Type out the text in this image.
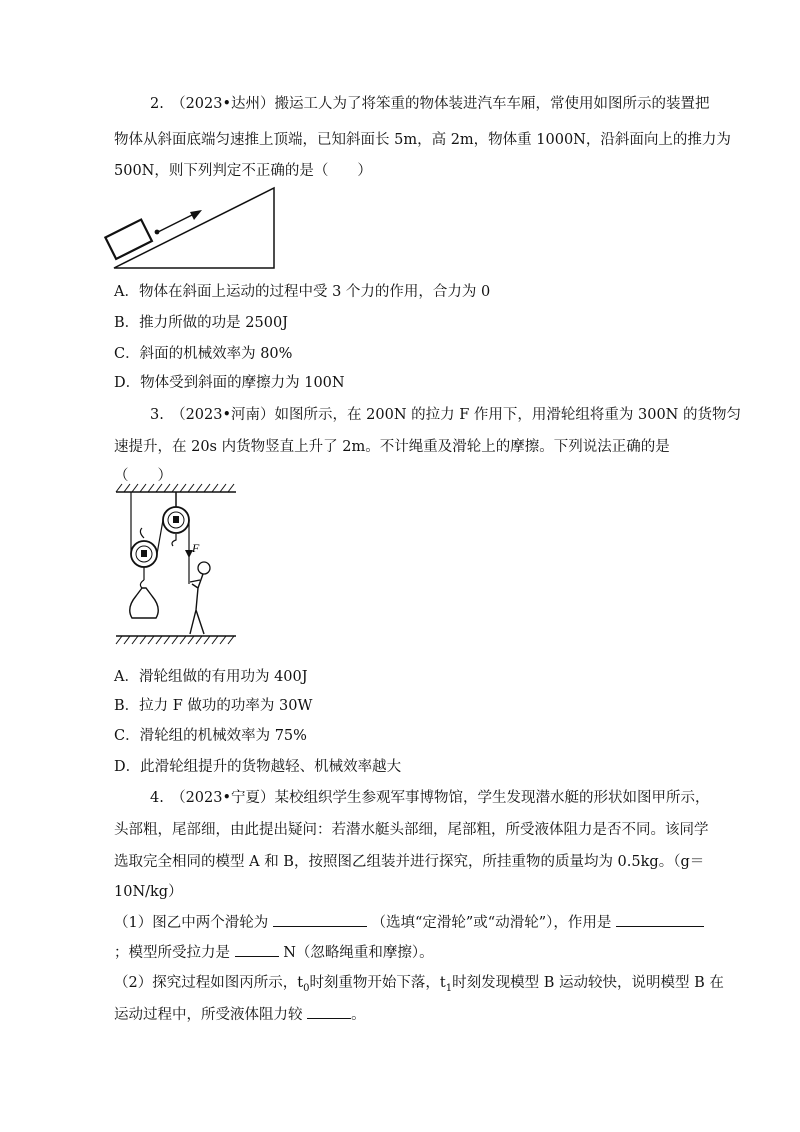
2.　（2023•达州）搬运工人为了将笨重的物体装进汽车车厢，常使用如图所示的装置把
物体从斜面底端匀速推上顶端，已知斜面长 5m，高 2m，物体重 1000N，沿斜面向上的推力为
500N，则下列判定不正确的是（　　）
A．物体在斜面上运动的过程中受 3 个力的作用，合力为 0
B．推力所做的功是 2500J
C．斜面的机械效率为 80%
D．物体受到斜面的摩擦力为 100N
3.　（2023•河南）如图所示，在 200N 的拉力 F 作用下，用滑轮组将重为 300N 的货物匀
速提升，在 20s 内货物竖直上升了 2m。不计绳重及滑轮上的摩擦。下列说法正确的是
（　　）
F
A．滑轮组做的有用功为 400J
B．拉力 F 做功的功率为 30W
C．滑轮组的机械效率为 75%
D．此滑轮组提升的货物越轻、机械效率越大
4.　（2023•宁夏）某校组织学生参观军事博物馆，学生发现潜水艇的形状如图甲所示，
头部粗，尾部细，由此提出疑问：若潜水艇头部细，尾部粗，所受液体阻力是否不同。该同学
选取完全相同的模型 A 和 B，按照图乙组装并进行探究，所挂重物的质量均为 0.5kg。（g＝
10N/kg）
（1）图乙中两个滑轮为	（选填“定滑轮”或“动滑轮”），作用是
；模型所受拉力是	N（忽略绳重和摩擦）。
（2）探究过程如图丙所示，$t_0$时刻重物开始下落，$t_1$时刻发现模型 B 运动较快，说明模型 B 在
运动过程中，所受液体阻力较	。
